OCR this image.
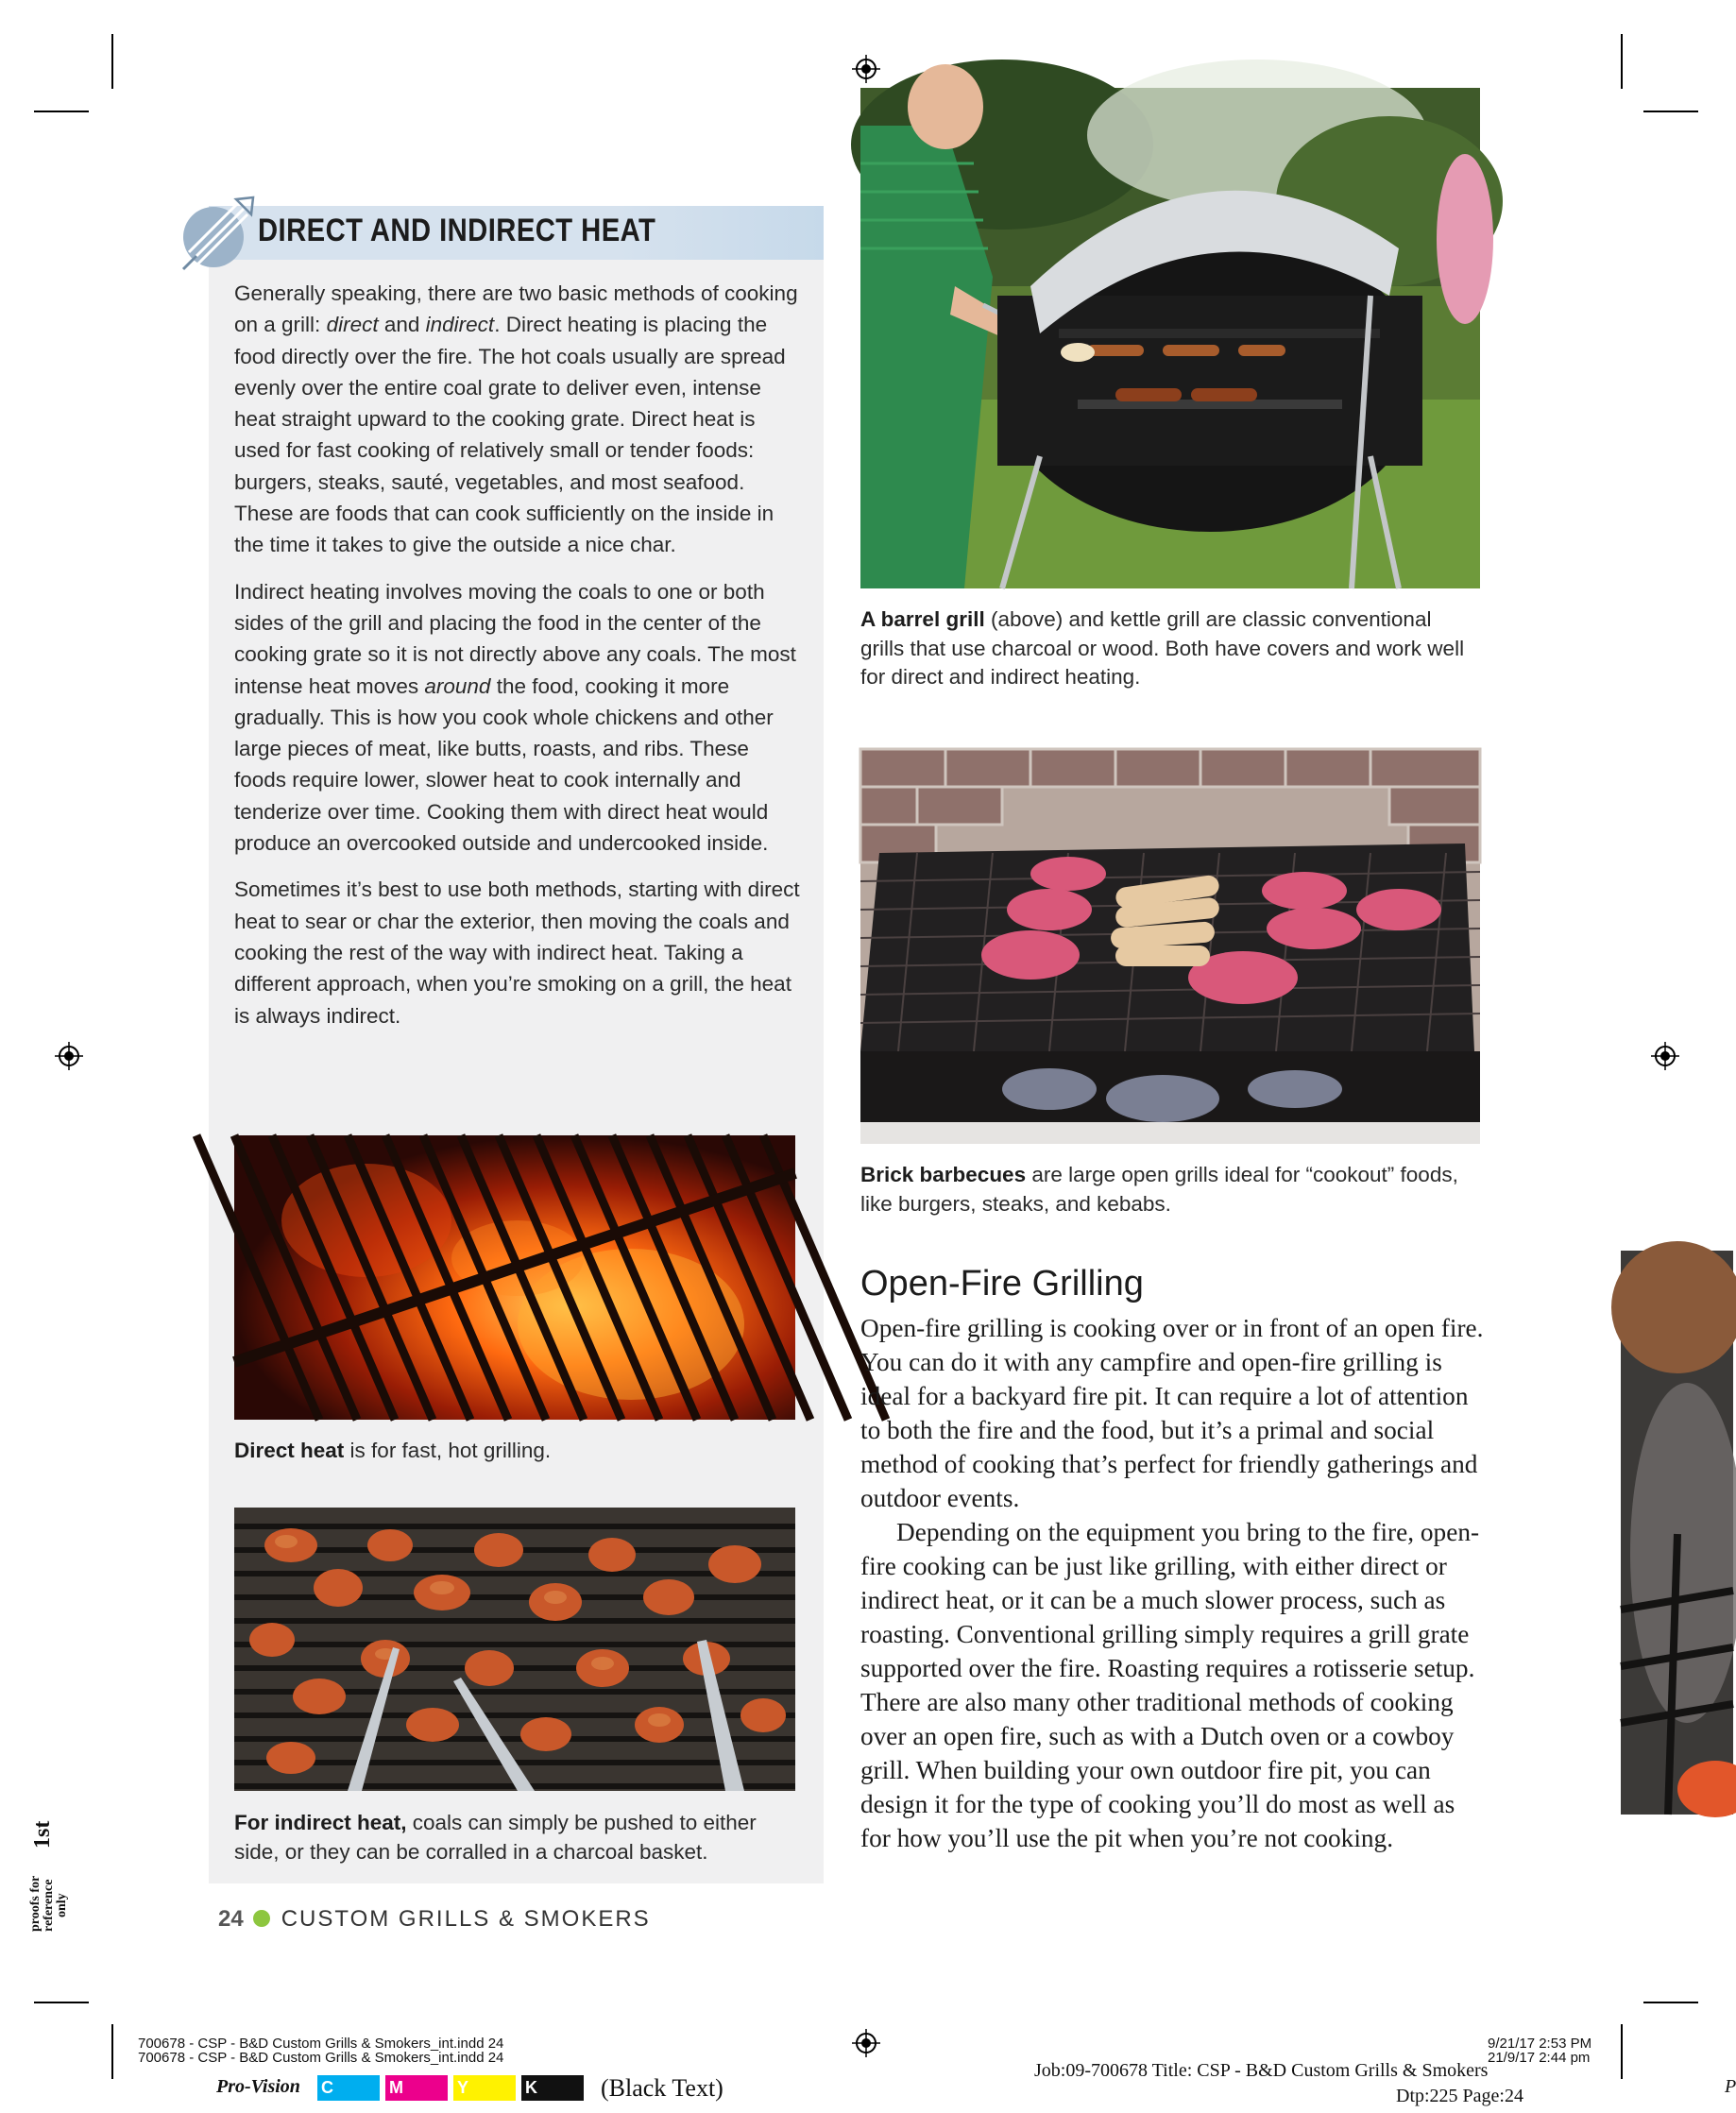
DIRECT AND INDIRECT HEAT

Generally speaking, there are two basic methods of cooking on a grill: direct and indirect. Direct heating is placing the food directly over the fire. The hot coals usually are spread evenly over the entire coal grate to deliver even, intense heat straight upward to the cooking grate. Direct heat is used for fast cooking of relatively small or tender foods: burgers, steaks, sauté, vegetables, and most seafood. These are foods that can cook sufficiently on the inside in the time it takes to give the outside a nice char.

Indirect heating involves moving the coals to one or both sides of the grill and placing the food in the center of the cooking grate so it is not directly above any coals. The most intense heat moves around the food, cooking it more gradually. This is how you cook whole chickens and other large pieces of meat, like butts, roasts, and ribs. These foods require lower, slower heat to cook internally and tenderize over time. Cooking them with direct heat would produce an overcooked outside and undercooked inside.

Sometimes it’s best to use both methods, starting with direct heat to sear or char the exterior, then moving the coals and cooking the rest of the way with indirect heat. Taking a different approach, when you’re smoking on a grill, the heat is always indirect.

Direct heat is for fast, hot grilling.
For indirect heat, coals can simply be pushed to either side, or they can be corralled in a charcoal basket.
A barrel grill (above) and kettle grill are classic conventional grills that use charcoal or wood. Both have covers and work well for direct and indirect heating.
Brick barbecues are large open grills ideal for “cookout” foods, like burgers, steaks, and kebabs.
Open-Fire Grilling

Open-fire grilling is cooking over or in front of an open fire. You can do it with any campfire and open-fire grilling is ideal for a backyard fire pit. It can require a lot of attention to both the fire and the food, but it’s a primal and social method of cooking that’s perfect for friendly gatherings and outdoor events.

Depending on the equipment you bring to the fire, open-fire cooking can be just like grilling, with either direct or indirect heat, or it can be a much slower process, such as roasting. Conventional grilling simply requires a grill grate supported over the fire. Roasting requires a rotisserie setup. There are also many other traditional methods of cooking over an open fire, such as with a Dutch oven or a cowboy grill. When building your own outdoor fire pit, you can design it for the type of cooking you’ll do most as well as for how you’ll use the pit when you’re not cooking.

24 CUSTOM GRILLS & SMOKERS
1st
proofs for reference only
700678 - CSP - B&D Custom Grills & Smokers_int.indd 24
700678 - CSP - B&D Custom Grills & Smokers_int.indd 24
9/21/17 2:53 PM
21/9/17 2:44 pm
Job:09-700678 Title: CSP - B&D Custom Grills & Smokers
Dtp:225 Page:24
Pro-Vision C	M	Y	K	(Black Text)	P
